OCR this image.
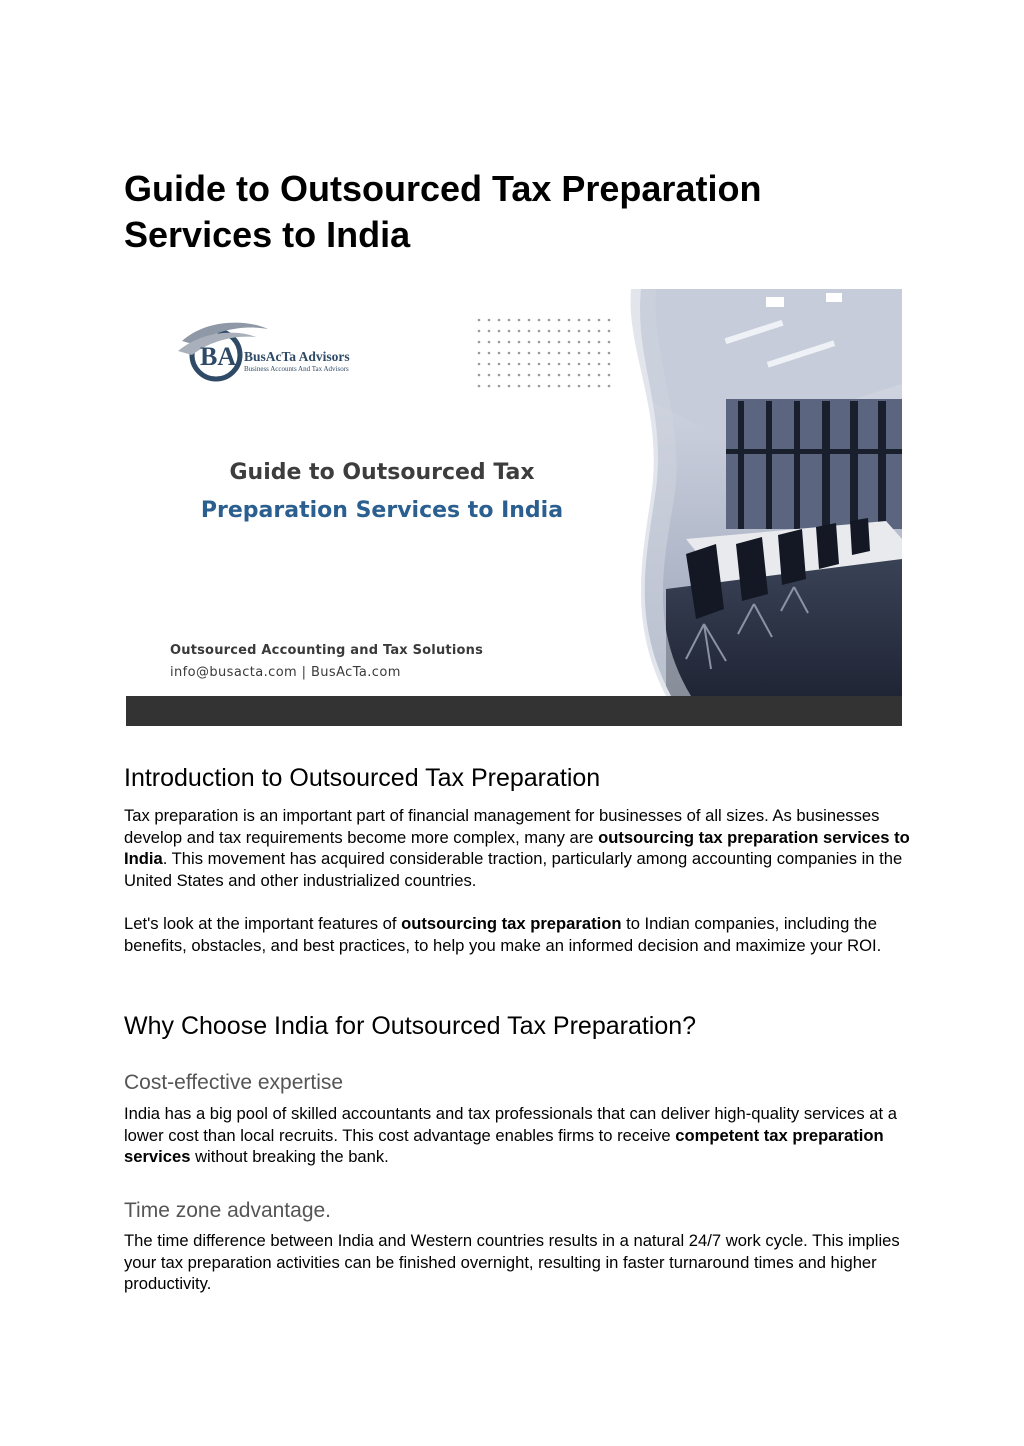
Guide to Outsourced Tax Preparation Services to India
BA BusAcTa Advisors
Business Accounts And Tax Advisors
Guide to Outsourced Tax
Preparation Services to India
Outsourced Accounting and Tax Solutions
info@busacta.com | BusAcTa.com
Introduction to Outsourced Tax Preparation

Tax preparation is an important part of financial management for businesses of all sizes. As businesses develop and tax requirements become more complex, many are outsourcing tax preparation services to India. This movement has acquired considerable traction, particularly among accounting companies in the United States and other industrialized countries.

Let's look at the important features of outsourcing tax preparation to Indian companies, including the benefits, obstacles, and best practices, to help you make an informed decision and maximize your ROI.

Why Choose India for Outsourced Tax Preparation?
Cost-effective expertise

India has a big pool of skilled accountants and tax professionals that can deliver high-quality services at a lower cost than local recruits. This cost advantage enables firms to receive competent tax preparation services without breaking the bank.

Time zone advantage.

The time difference between India and Western countries results in a natural 24/7 work cycle. This implies your tax preparation activities can be finished overnight, resulting in faster turnaround times and higher productivity.
